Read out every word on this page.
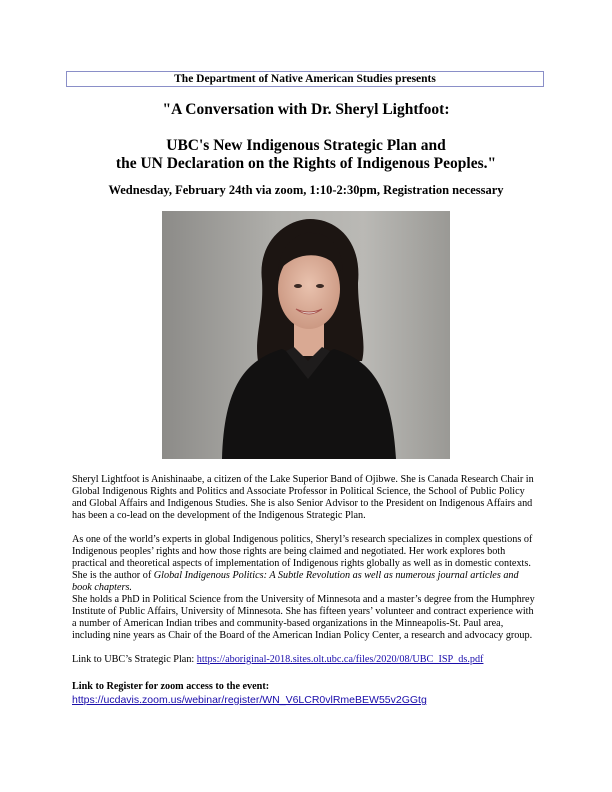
The Department of Native American Studies presents
"A Conversation with Dr. Sheryl Lightfoot:
UBC's New Indigenous Strategic Plan and
the UN Declaration on the Rights of Indigenous Peoples."
Wednesday, February 24th via zoom, 1:10-2:30pm, Registration necessary

Sheryl Lightfoot is Anishinaabe, a citizen of the Lake Superior Band of Ojibwe. She is Canada Research Chair in Global Indigenous Rights and Politics and Associate Professor in Political Science, the School of Public Policy and Global Affairs and Indigenous Studies. She is also Senior Advisor to the President on Indigenous Affairs and has been a co-lead on the development of the Indigenous Strategic Plan.

As one of the world’s experts in global Indigenous politics, Sheryl’s research specializes in complex questions of Indigenous peoples’ rights and how those rights are being claimed and negotiated. Her work explores both practical and theoretical aspects of implementation of Indigenous rights globally as well as in domestic contexts. She is the author of Global Indigenous Politics: A Subtle Revolution as well as numerous journal articles and book chapters.

She holds a PhD in Political Science from the University of Minnesota and a master’s degree from the Humphrey Institute of Public Affairs, University of Minnesota. She has fifteen years’ volunteer and contract experience with a number of American Indian tribes and community-based organizations in the Minneapolis-St. Paul area, including nine years as Chair of the Board of the American Indian Policy Center, a research and advocacy group.

Link to UBC’s Strategic Plan: https://aboriginal-2018.sites.olt.ubc.ca/files/2020/08/UBC_ISP_ds.pdf

Link to Register for zoom access to the event:

https://ucdavis.zoom.us/webinar/register/WN_V6LCR0vlRmeBEW55v2GGtg
